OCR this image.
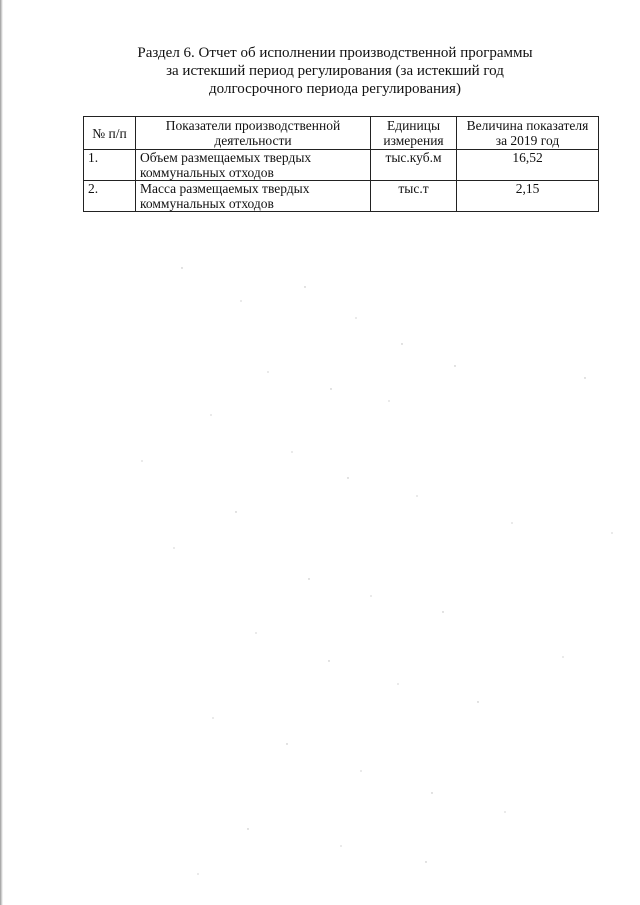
Раздел 6. Отчет об исполнении производственной программы
за истекший период регулирования (за истекший год
долгосрочного периода регулирования)
№ п/п	Показатели производственной деятельности	Единицы измерения	Величина показателя за 2019 год
1.	Объем размещаемых твердых коммунальных отходов	тыс.куб.м	16,52
2.	Масса размещаемых твердых коммунальных отходов	тыс.т	2,15
